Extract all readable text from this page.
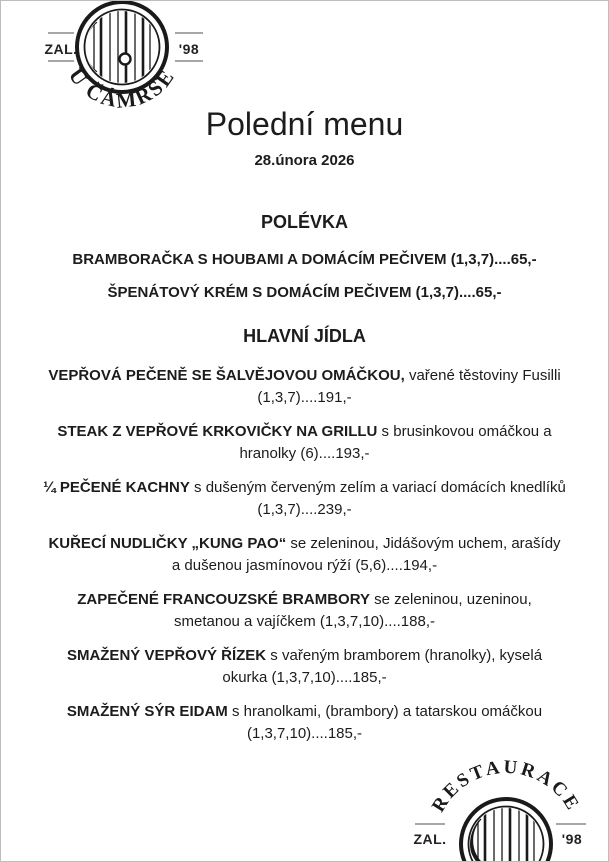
ZAL.	'98
U ČÁMRSE
Polední menu
28.února 2026
POLÉVKA

BRAMBORAČKA S HOUBAMI A DOMÁCÍM PEČIVEM (1,3,7)....65,-

ŠPENÁTOVÝ KRÉM S DOMÁCÍM PEČIVEM (1,3,7)....65,-

HLAVNÍ JÍDLA

VEPŘOVÁ PEČENĚ SE ŠALVĚJOVOU OMÁČKOU, vařené těstoviny Fusilli (1,3,7)....191,-

STEAK Z VEPŘOVÉ KRKOVIČKY NA GRILLU s brusinkovou omáčkou a hranolky (6)....193,-

¼ PEČENÉ KACHNY s dušeným červeným zelím a variací domácích knedlíků (1,3,7)....239,-

KUŘECÍ NUDLIČKY „KUNG PAO“ se zeleninou, Jidášovým uchem, arašídy a dušenou jasmínovou rýží (5,6)....194,-

ZAPEČENÉ FRANCOUZSKÉ BRAMBORY se zeleninou, uzeninou, smetanou a vajíčkem (1,3,7,10)....188,-

SMAŽENÝ VEPŘOVÝ ŘÍZEK s vařeným bramborem (hranolky), kyselá okurka (1,3,7,10)....185,-

SMAŽENÝ SÝR EIDAM s hranolkami, (brambory) a tatarskou omáčkou (1,3,7,10)....185,-

ZAL.	'98
RESTAURACE
